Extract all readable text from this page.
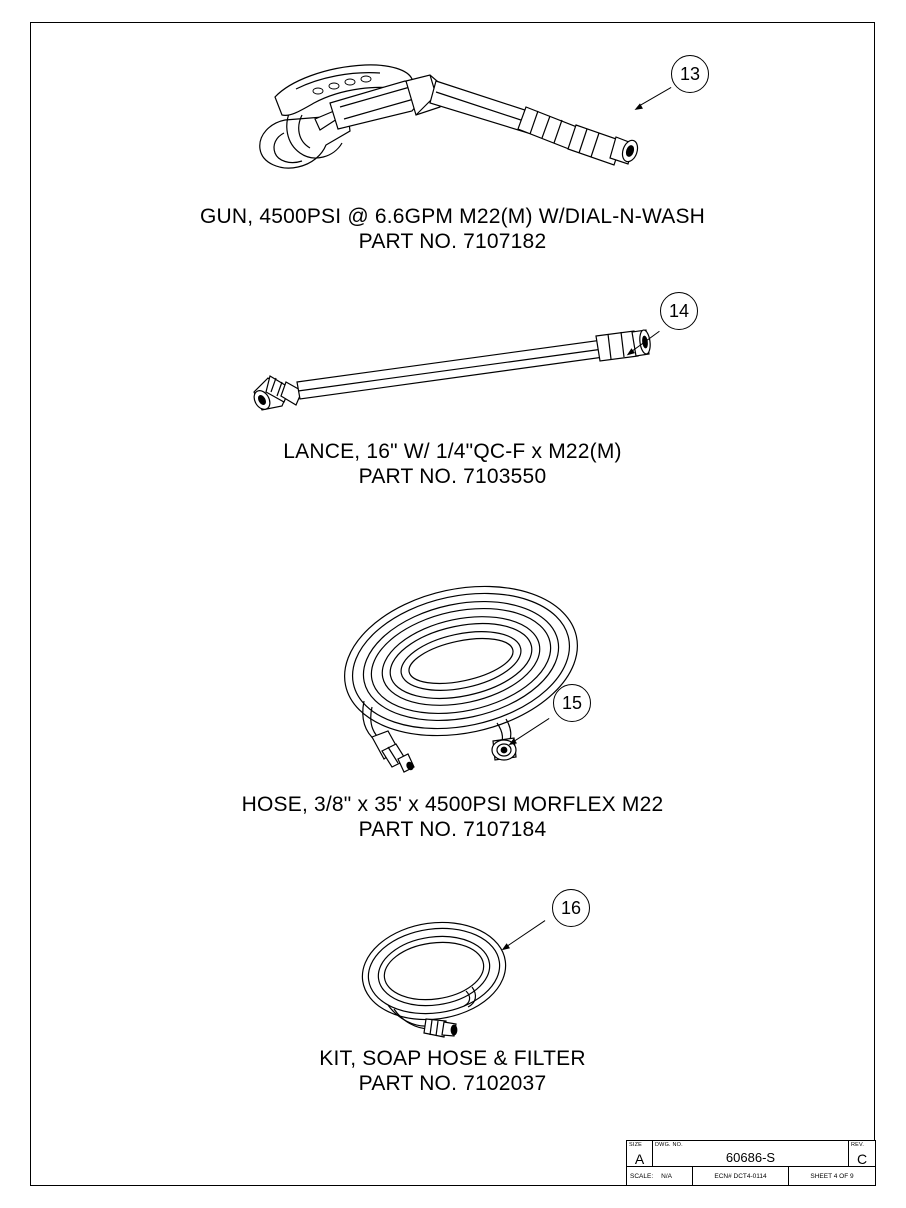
13
GUN, 4500PSI @ 6.6GPM M22(M) W/DIAL-N-WASH
PART NO. 7107182
14
LANCE, 16" W/ 1/4"QC-F x M22(M)
PART NO. 7103550
15
HOSE, 3/8" x 35' x 4500PSI MORFLEX M22
PART NO. 7107184
16
KIT, SOAP HOSE & FILTER
PART NO. 7102037
SIZE
A
DWG. NO.
60686-S
REV.
C
SCALE:	N/A	ECN# DCT4-0114	SHEET 4 OF 9
